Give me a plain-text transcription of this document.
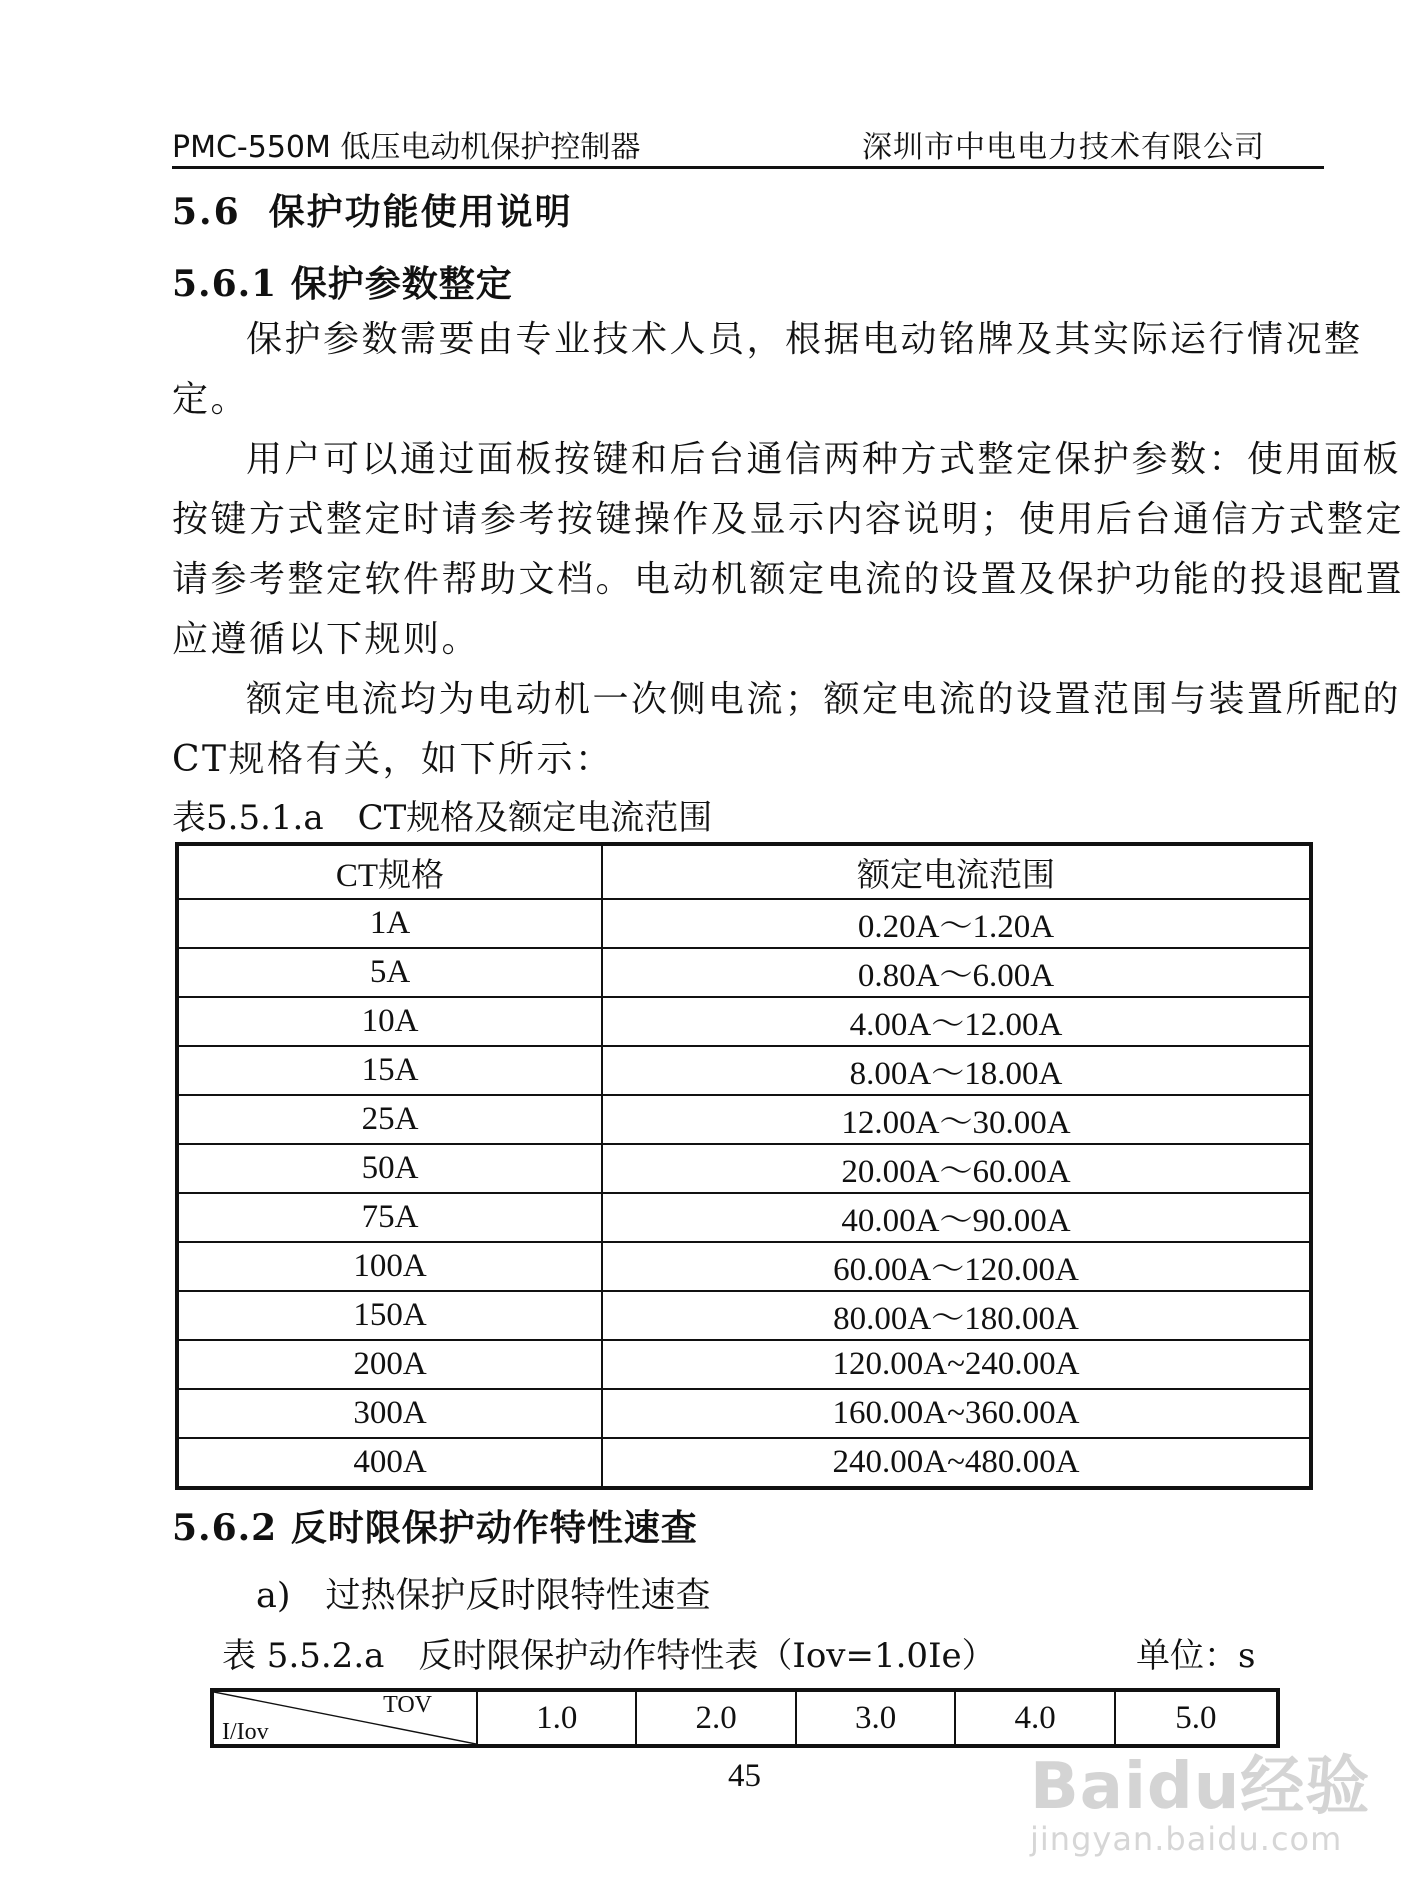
PMC-550M 低压电动机保护控制器	深圳市中电电力技术有限公司
5.6 保护功能使用说明
5.6.1 保护参数整定
保护参数需要由专业技术人员，根据电动铭牌及其实际运行情况整
定。
用户可以通过面板按键和后台通信两种方式整定保护参数：使用面板
按键方式整定时请参考按键操作及显示内容说明；使用后台通信方式整定
请参考整定软件帮助文档。电动机额定电流的设置及保护功能的投退配置
应遵循以下规则。
额定电流均为电动机一次侧电流；额定电流的设置范围与装置所配的
CT规格有关，如下所示：
表5.5.1.a　CT规格及额定电流范围
CT规格	额定电流范围
1A	0.20A～1.20A
5A	0.80A～6.00A
10A	4.00A～12.00A
15A	8.00A～18.00A
25A	12.00A～30.00A
50A	20.00A～60.00A
75A	40.00A～90.00A
100A	60.00A～120.00A
150A	80.00A～180.00A
200A	120.00A~240.00A
300A	160.00A~360.00A
400A	240.00A~480.00A
5.6.2 反时限保护动作特性速查
a)　过热保护反时限特性速查
表 5.5.2.a　反时限保护动作特性表（Iov=1.0Ie）	单位：s
TOV
I/Iov	1.0	2.0	3.0	4.0	5.0
45	Baidu经验
jingyan.baidu.com
